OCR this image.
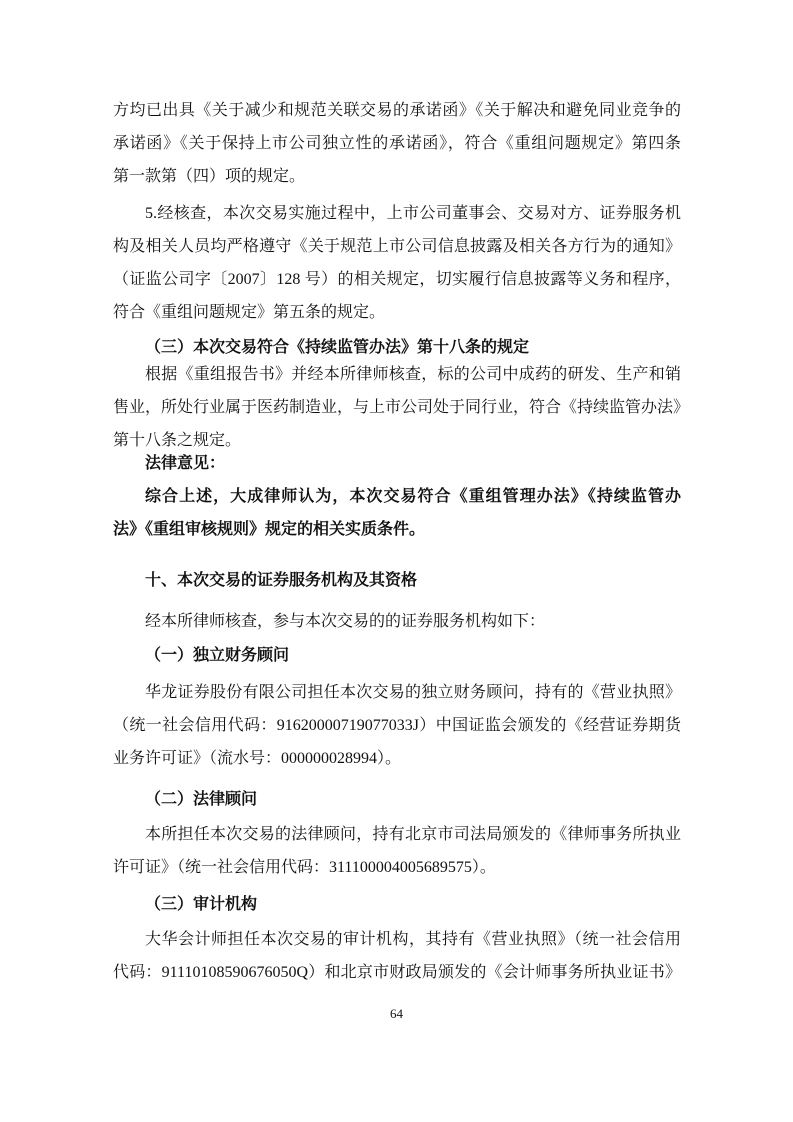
方均已出具《关于减少和规范关联交易的承诺函》《关于解决和避免同业竞争的
承诺函》《关于保持上市公司独立性的承诺函》，符合《重组问题规定》第四条
第一款第（四）项的规定。
5.经核查，本次交易实施过程中，上市公司董事会、交易对方、证券服务机
构及相关人员均严格遵守《关于规范上市公司信息披露及相关各方行为的通知》
（证监公司字〔2007〕128 号）的相关规定，切实履行信息披露等义务和程序，
符合《重组问题规定》第五条的规定。
（三）本次交易符合《持续监管办法》第十八条的规定
根据《重组报告书》并经本所律师核查，标的公司中成药的研发、生产和销
售业，所处行业属于医药制造业，与上市公司处于同行业，符合《持续监管办法》
第十八条之规定。
法律意见：
综合上述，大成律师认为，本次交易符合《重组管理办法》《持续监管办
法》《重组审核规则》规定的相关实质条件。
十、本次交易的证券服务机构及其资格
经本所律师核查，参与本次交易的的证券服务机构如下：
（一）独立财务顾问
华龙证券股份有限公司担任本次交易的独立财务顾问，持有的《营业执照》
（统一社会信用代码：91620000719077033J）中国证监会颁发的《经营证券期货
业务许可证》（流水号：000000028994）。
（二）法律顾问
本所担任本次交易的法律顾问，持有北京市司法局颁发的《律师事务所执业
许可证》（统一社会信用代码：311100004005689575）。
（三）审计机构
大华会计师担任本次交易的审计机构，其持有《营业执照》（统一社会信用
代码：91110108590676050Q）和北京市财政局颁发的《会计师事务所执业证书》
64
